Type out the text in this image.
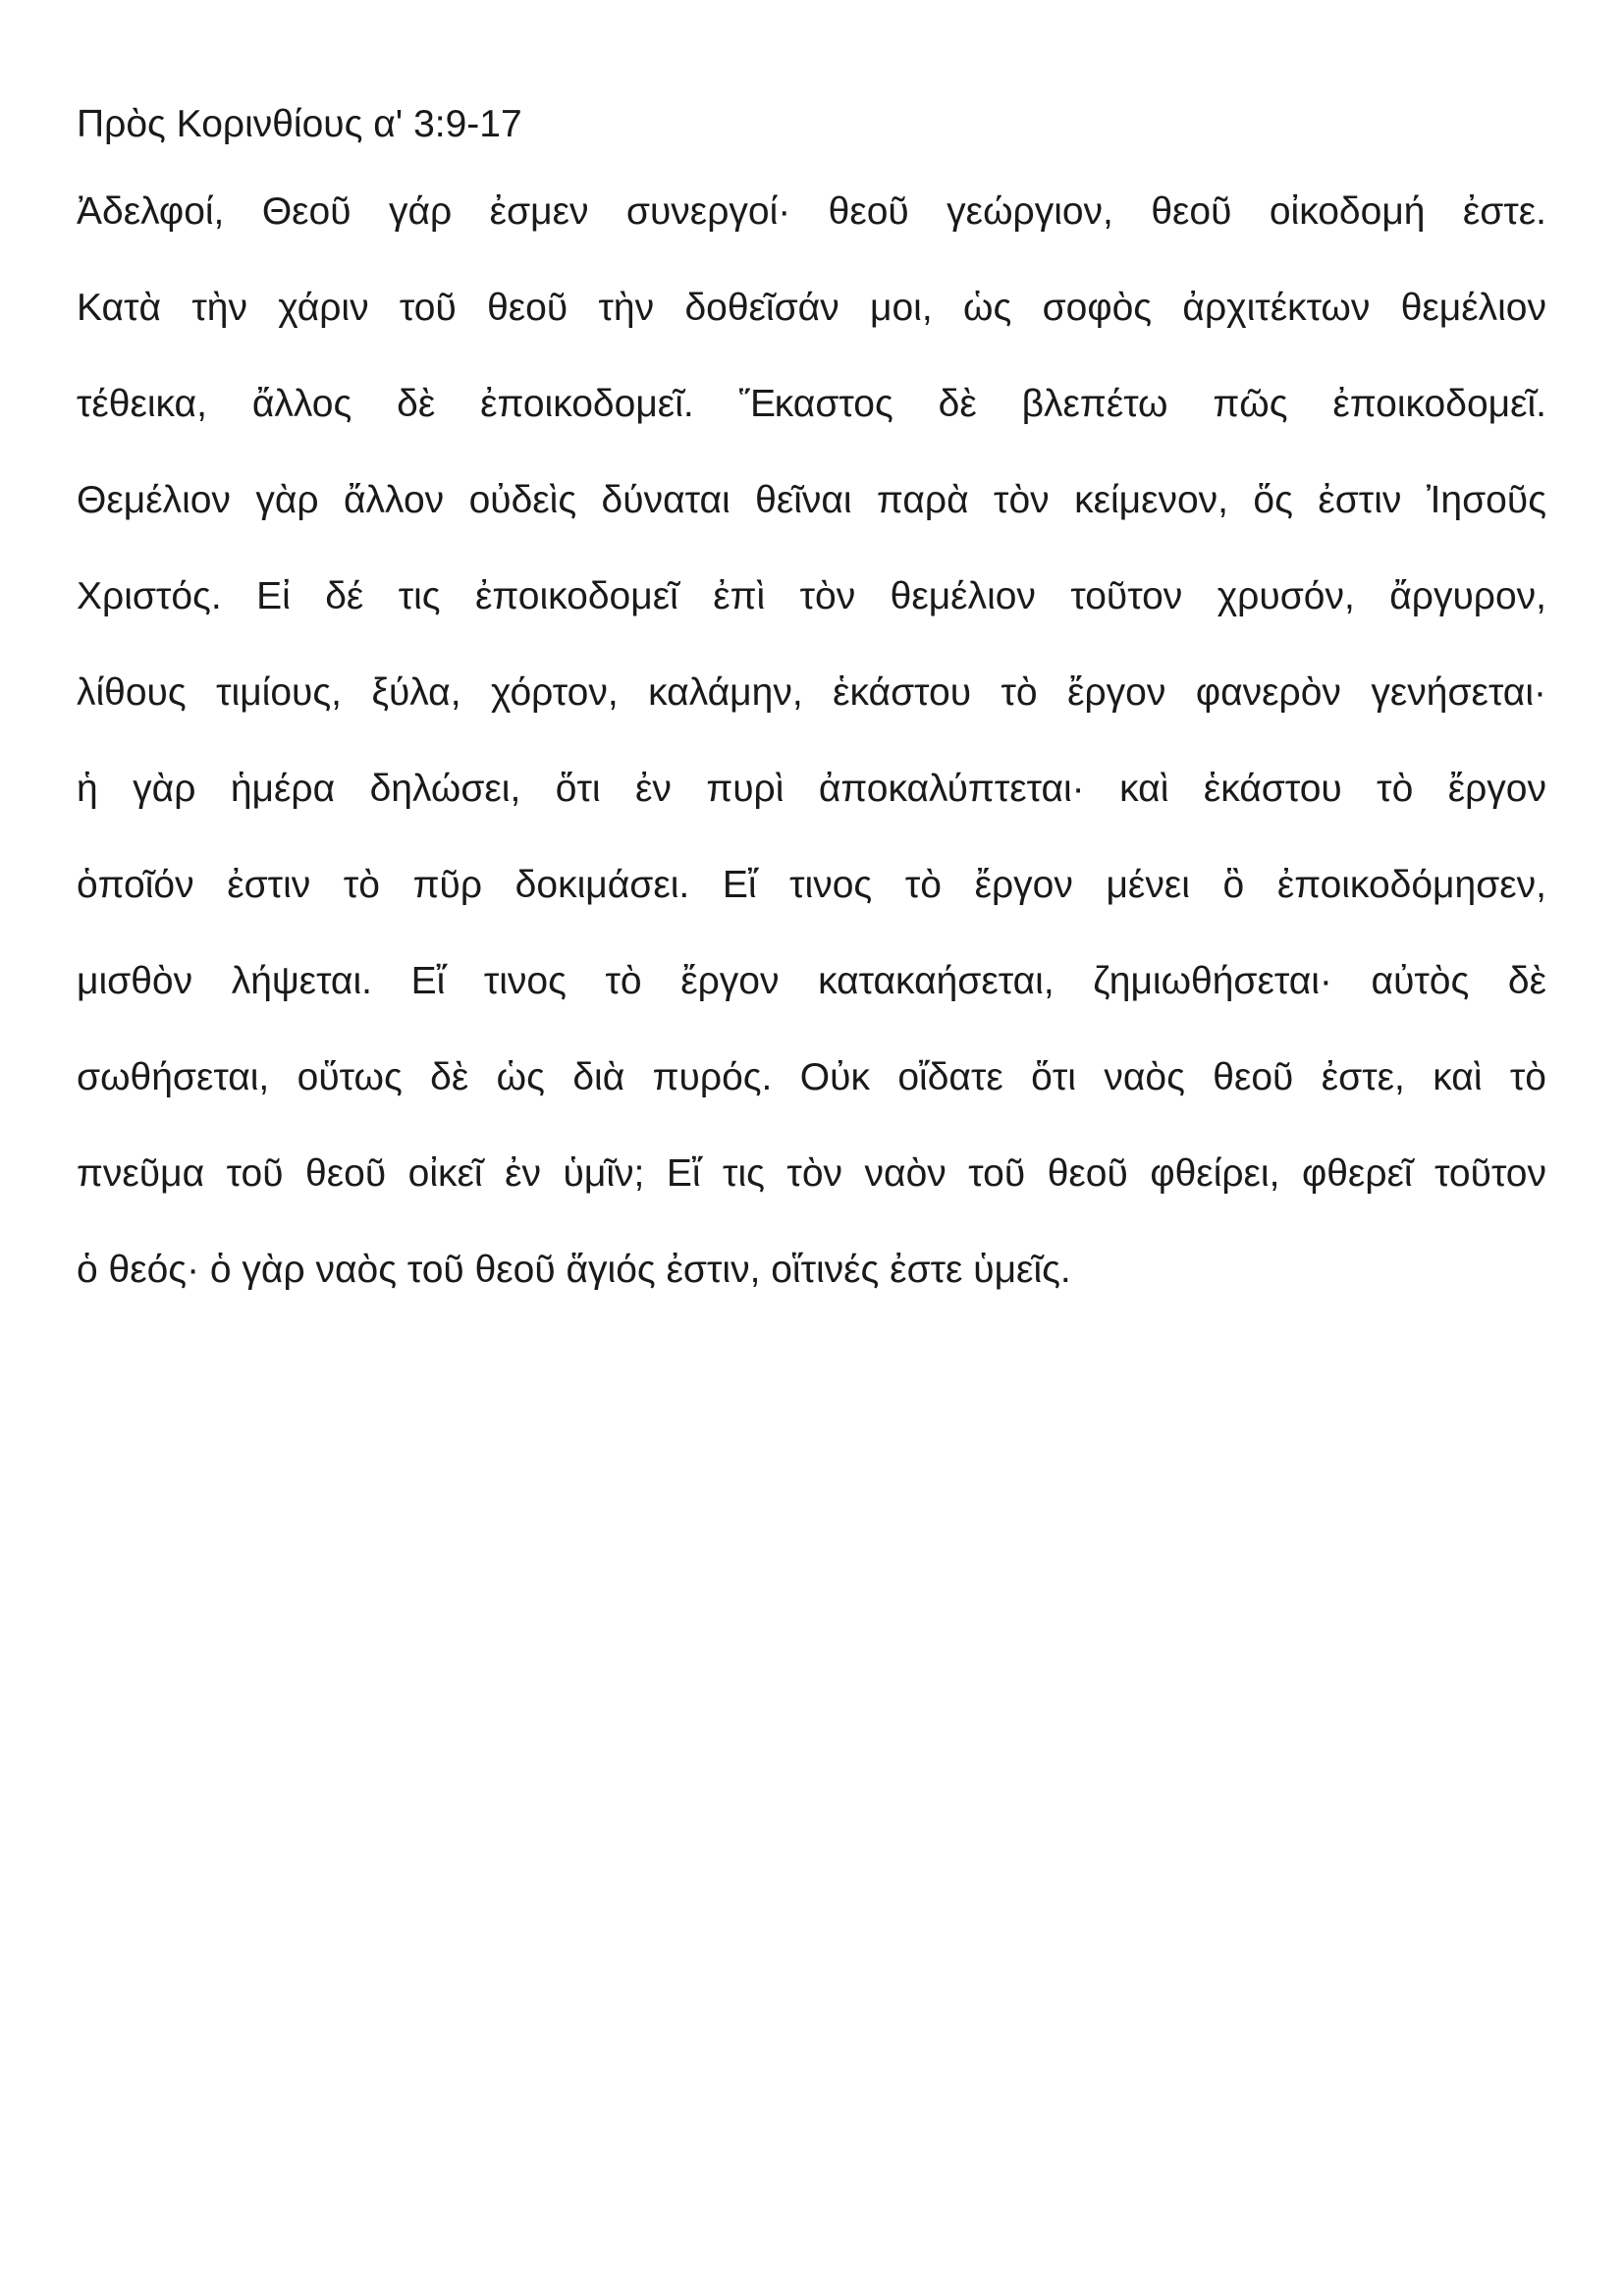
Πρὸς Κορινθίους α' 3:9-17
Ἀδελφοί, Θεοῦ γάρ ἐσμεν συνεργοί· θεοῦ γεώργιον, θεοῦ οἰκοδομή ἐστε.
Κατὰ τὴν χάριν τοῦ θεοῦ τὴν δοθεῖσάν μοι, ὡς σοφὸς ἀρχιτέκτων θεμέλιον
τέθεικα, ἄλλος δὲ ἐποικοδομεῖ. Ἕκαστος δὲ βλεπέτω πῶς ἐποικοδομεῖ.
Θεμέλιον γὰρ ἄλλον οὐδεὶς δύναται θεῖναι παρὰ τὸν κείμενον, ὅς ἐστιν Ἰησοῦς
Χριστός. Εἰ δέ τις ἐποικοδομεῖ ἐπὶ τὸν θεμέλιον τοῦτον χρυσόν, ἄργυρον,
λίθους τιμίους, ξύλα, χόρτον, καλάμην, ἑκάστου τὸ ἔργον φανερὸν γενήσεται·
ἡ γὰρ ἡμέρα δηλώσει, ὅτι ἐν πυρὶ ἀποκαλύπτεται· καὶ ἑκάστου τὸ ἔργον
ὁποῖόν ἐστιν τὸ πῦρ δοκιμάσει. Εἴ τινος τὸ ἔργον μένει ὃ ἐποικοδόμησεν,
μισθὸν λήψεται. Εἴ τινος τὸ ἔργον κατακαήσεται, ζημιωθήσεται· αὐτὸς δὲ
σωθήσεται, οὕτως δὲ ὡς διὰ πυρός. Οὐκ οἴδατε ὅτι ναὸς θεοῦ ἐστε, καὶ τὸ
πνεῦμα τοῦ θεοῦ οἰκεῖ ἐν ὑμῖν; Εἴ τις τὸν ναὸν τοῦ θεοῦ φθείρει, φθερεῖ τοῦτον
ὁ θεός· ὁ γὰρ ναὸς τοῦ θεοῦ ἅγιός ἐστιν, οἵτινές ἐστε ὑμεῖς.
